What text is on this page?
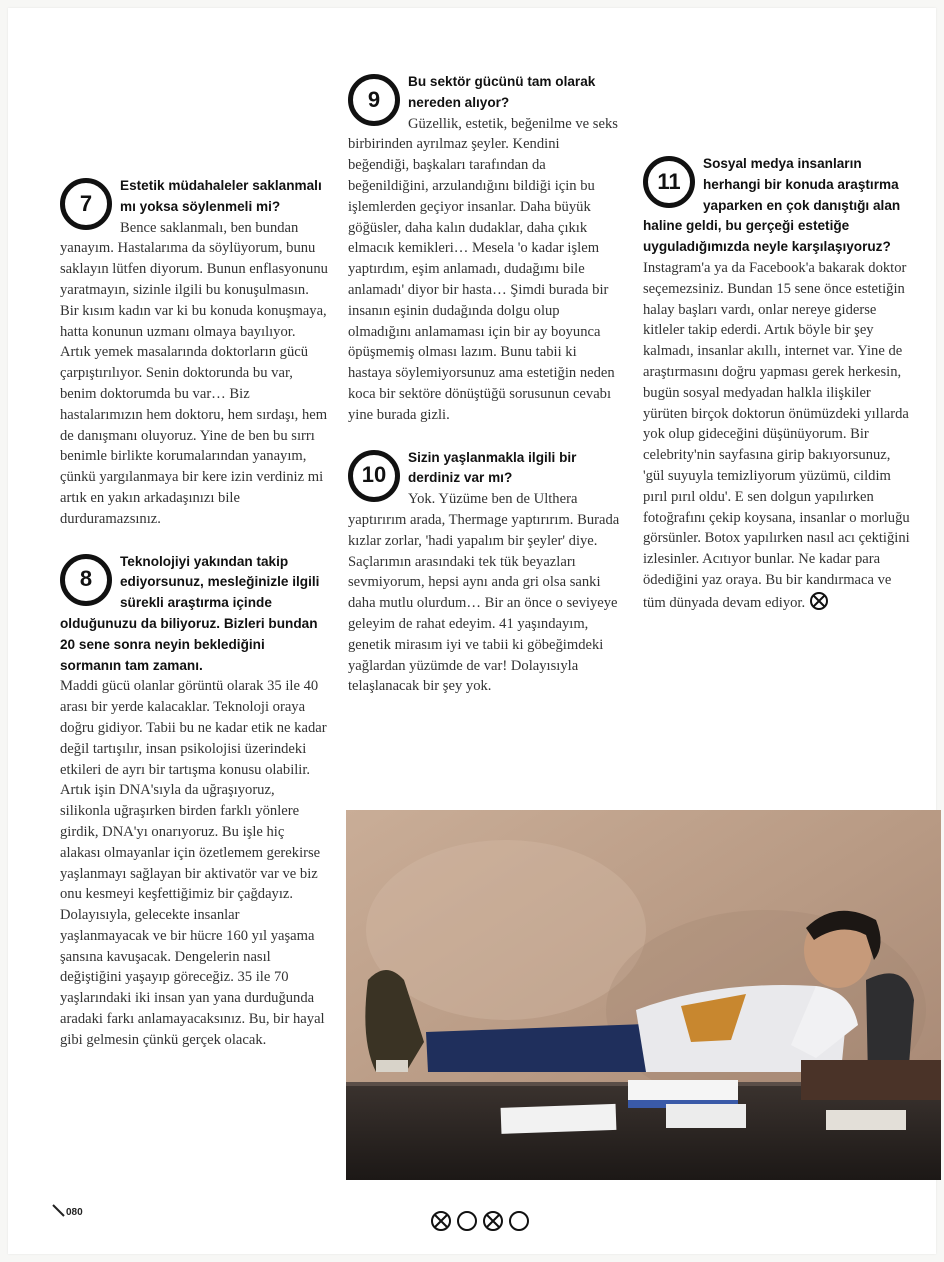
7
Estetik müdahaleler saklanmalı mı yoksa söylenmeli mi?

Bence saklanmalı, ben bundan yanayım. Hastalarıma da söylüyorum, bunu saklayın lütfen diyorum. Bunun enflasyonunu yaratmayın, sizinle ilgili bu konuşulmasın. Bir kısım kadın var ki bu konuda konuşmaya, hatta konunun uzmanı olmaya bayılıyor. Artık yemek masalarında doktorların gücü çarpıştırılıyor. Senin doktorunda bu var, benim doktorumda bu var… Biz hastalarımızın hem doktoru, hem sırdaşı, hem de danışmanı oluyoruz. Yine de ben bu sırrı benimle birlikte korumalarından yanayım, çünkü yargılanmaya bir kere izin verdiniz mi artık en yakın arkadaşınızı bile durduramazsınız.

8
Teknolojiyi yakından takip ediyorsunuz, mesleğinizle ilgili sürekli araştırma içinde olduğunuzu da biliyoruz. Bizleri bundan 20 sene sonra neyin beklediğini sormanın tam zamanı.

Maddi gücü olanlar görüntü olarak 35 ile 40 arası bir yerde kalacaklar. Teknoloji oraya doğru gidiyor. Tabii bu ne kadar etik ne kadar değil tartışılır, insan psikolojisi üzerindeki etkileri de ayrı bir tartışma konusu olabilir. Artık işin DNA'sıyla da uğraşıyoruz, silikonla uğraşırken birden farklı yönlere girdik, DNA'yı onarıyoruz. Bu işle hiç alakası olmayanlar için özetlemem gerekirse yaşlanmayı sağlayan bir aktivatör var ve biz onu kesmeyi keşfettiğimiz bir çağdayız. Dolayısıyla, gelecekte insanlar yaşlanmayacak ve bir hücre 160 yıl yaşama şansına kavuşacak. Dengelerin nasıl değiştiğini yaşayıp göreceğiz. 35 ile 70 yaşlarındaki iki insan yan yana durduğunda aradaki farkı anlamayacaksınız. Bu, bir hayal gibi gelmesin çünkü gerçek olacak.

9
Bu sektör gücünü tam olarak nereden alıyor?

Güzellik, estetik, beğenilme ve seks birbirinden ayrılmaz şeyler. Kendini beğendiği, başkaları tarafından da beğenildiğini, arzulandığını bildiği için bu işlemlerden geçiyor insanlar. Daha büyük göğüsler, daha kalın dudaklar, daha çıkık elmacık kemikleri… Mesela 'o kadar işlem yaptırdım, eşim anlamadı, dudağımı bile anlamadı' diyor bir hasta… Şimdi burada bir insanın eşinin dudağında dolgu olup olmadığını anlamaması için bir ay boyunca öpüşmemiş olması lazım. Bunu tabii ki hastaya söylemiyorsunuz ama estetiğin neden koca bir sektöre dönüştüğü sorusunun cevabı yine burada gizli.

10
Sizin yaşlanmakla ilgili bir derdiniz var mı?

Yok. Yüzüme ben de Ulthera yaptırırım arada, Thermage yaptırırım. Burada kızlar zorlar, 'hadi yapalım bir şeyler' diye. Saçlarımın arasındaki tek tük beyazları sevmiyorum, hepsi aynı anda gri olsa sanki daha mutlu olurdum… Bir an önce o seviyeye geleyim de rahat edeyim. 41 yaşındayım, genetik mirasım iyi ve tabii ki göbeğimdeki yağlardan yüzümde de var! Dolayısıyla telaşlanacak bir şey yok.

11
Sosyal medya insanların herhangi bir konuda araştırma yaparken en çok danıştığı alan haline geldi, bu gerçeği estetiğe uyguladığımızda neyle karşılaşıyoruz?

Instagram'a ya da Facebook'a bakarak doktor seçemezsiniz. Bundan 15 sene önce estetiğin halay başları vardı, onlar nereye giderse kitleler takip ederdi. Artık böyle bir şey kalmadı, insanlar akıllı, internet var. Yine de araştırmasını doğru yapması gerek herkesin, bugün sosyal medyadan halkla ilişkiler yürüten birçok doktorun önümüzdeki yıllarda yok olup gideceğini düşünüyorum. Bir celebrity'nin sayfasına girip bakıyorsunuz, 'gül suyuyla temizliyorum yüzümü, cildim pırıl pırıl oldu'. E sen dolgun yapılırken fotoğrafını çekip koysana, insanlar o morluğu görsünler. Botox yapılırken nasıl acı çektiğini izlesinler. Acıtıyor bunlar. Ne kadar para ödediğini yaz oraya. Bu bir kandırmaca ve tüm dünyada devam ediyor.

080
